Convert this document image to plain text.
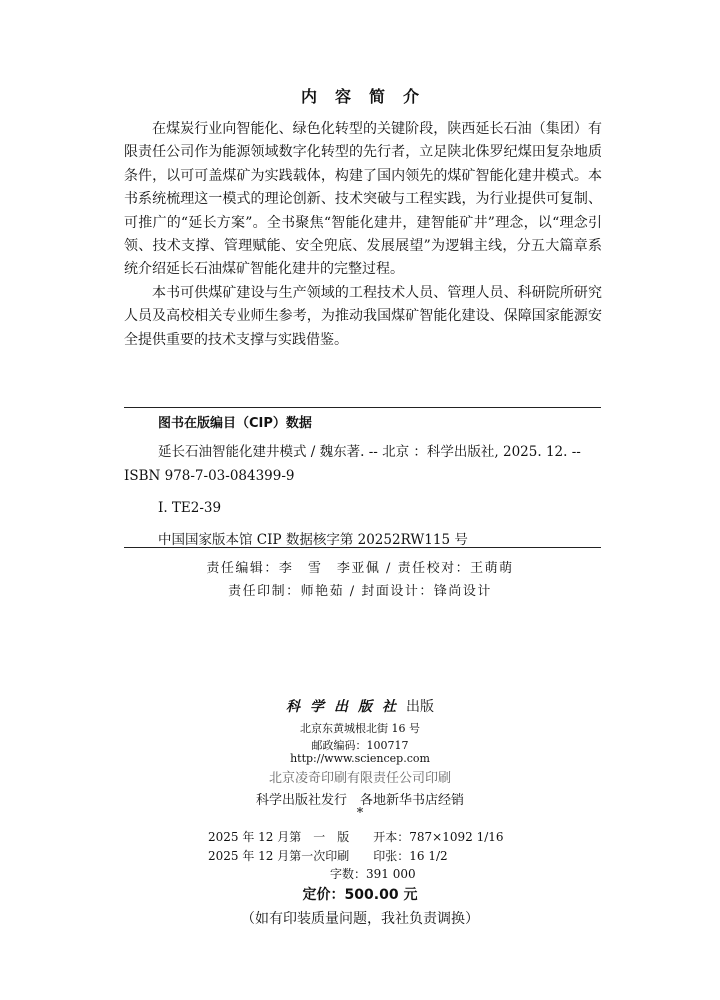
内容简介

在煤炭行业向智能化、绿色化转型的关键阶段，陕西延长石油（集团）有限责任公司作为能源领域数字化转型的先行者，立足陕北侏罗纪煤田复杂地质条件，以可可盖煤矿为实践载体，构建了国内领先的煤矿智能化建井模式。本书系统梳理这一模式的理论创新、技术突破与工程实践，为行业提供可复制、可推广的“延长方案”。全书聚焦“智能化建井，建智能矿井”理念，以“理念引领、技术支撑、管理赋能、安全兜底、发展展望”为逻辑主线，分五大篇章系统介绍延长石油煤矿智能化建井的完整过程。

本书可供煤矿建设与生产领域的工程技术人员、管理人员、科研院所研究人员及高校相关专业师生参考，为推动我国煤矿智能化建设、保障国家能源安全提供重要的技术支撑与实践借鉴。

图书在版编目（CIP）数据
延长石油智能化建井模式 / 魏东著. -- 北京 ：科学出版社, 2025. 12. -- ISBN 978-7-03-084399-9
Ⅰ. TE2-39
中国国家版本馆 CIP 数据核字第 20252RW115 号
责任编辑：李　雪　李亚佩 / 责任校对：王萌萌
责任印制：师艳茹 / 封面设计：锋尚设计
科学出版社出版
北京东黄城根北街 16 号
邮政编码：100717
http://www.sciencep.com
北京凌奇印刷有限责任公司印刷
科学出版社发行　各地新华书店经销
*
2025 年 12 月第　一　版　　开本：787×1092 1/16
2025 年 12 月第一次印刷　　印张：16 1/2
字数：391 000
定价：500.00 元
（如有印装质量问题，我社负责调换）
